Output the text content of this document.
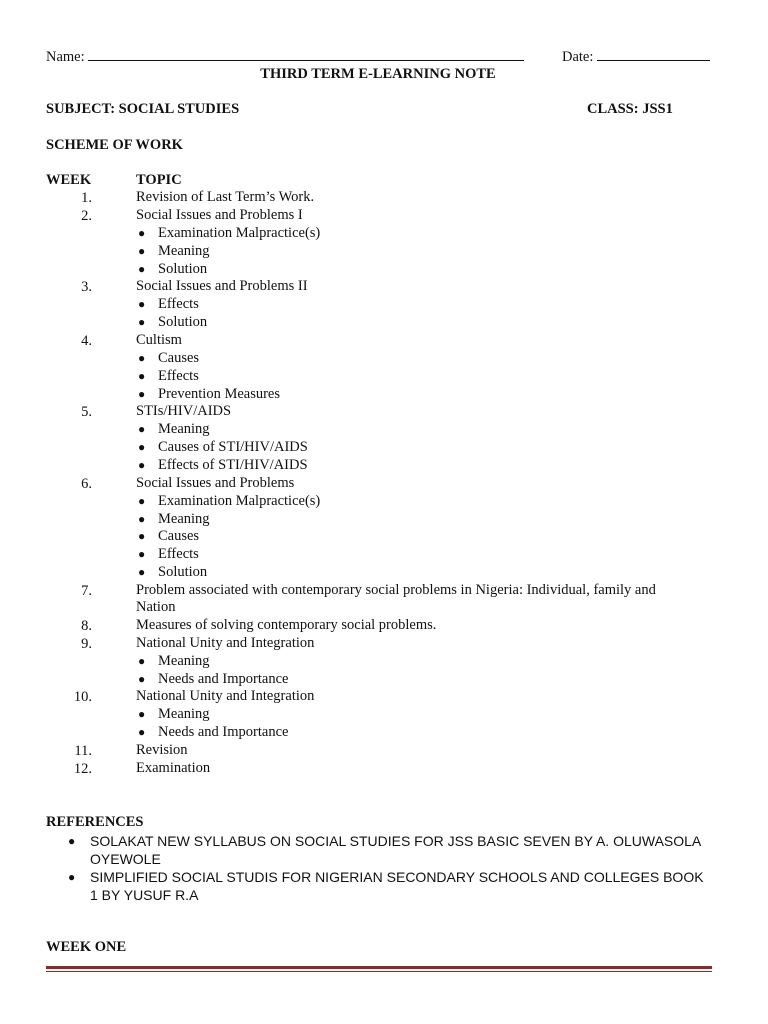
Name:	Date:
THIRD TERM E-LEARNING NOTE
SUBJECT: SOCIAL STUDIES	CLASS: JSS1
SCHEME OF WORK
WEEK	TOPIC
1.	Revision of Last Term’s Work.
2.	Social Issues and Problems I
● Examination Malpractice(s)
● Meaning
● Solution
3.	Social Issues and Problems II
● Effects
● Solution
4.	Cultism
● Causes
● Effects
● Prevention Measures
5.	STIs/HIV/AIDS
● Meaning
● Causes of STI/HIV/AIDS
● Effects of STI/HIV/AIDS
6.	Social Issues and Problems
● Examination Malpractice(s)
● Meaning
● Causes
● Effects
● Solution
7.	Problem associated with contemporary social problems in Nigeria: Individual, family and Nation
8.	Measures of solving contemporary social problems.
9.	National Unity and Integration
● Meaning
● Needs and Importance
10.	National Unity and Integration
● Meaning
● Needs and Importance
11.	Revision
12.	Examination
REFERENCES
● SOLAKAT NEW SYLLABUS ON SOCIAL STUDIES FOR JSS BASIC SEVEN BY A. OLUWASOLA OYEWOLE
● SIMPLIFIED SOCIAL STUDIS FOR NIGERIAN SECONDARY SCHOOLS AND COLLEGES BOOK 1 BY YUSUF R.A
WEEK ONE
